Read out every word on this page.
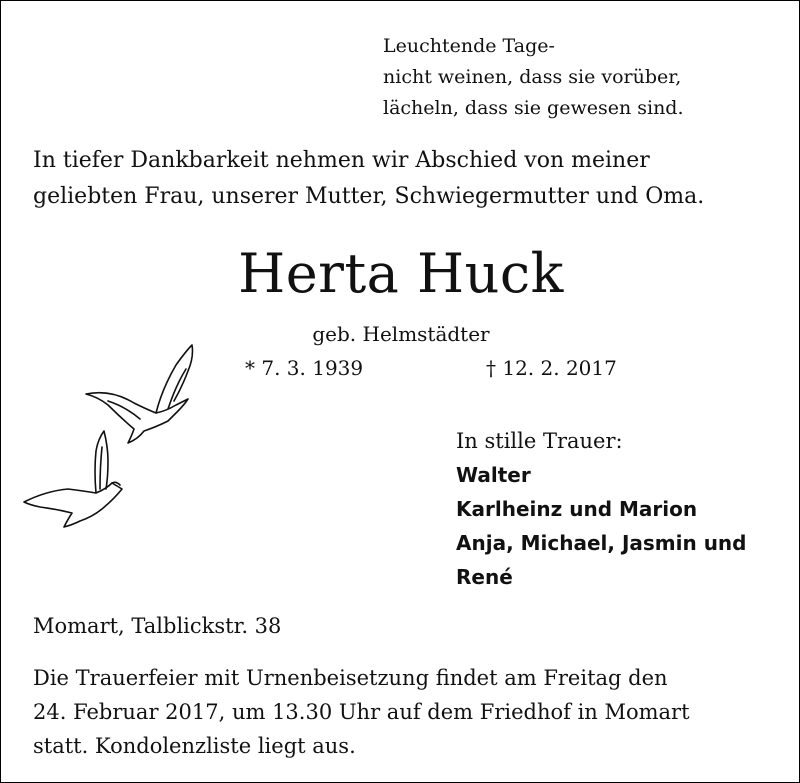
Leuchtende Tage-
nicht weinen, dass sie vorüber,
lächeln, dass sie gewesen sind.
In tiefer Dankbarkeit nehmen wir Abschied von meiner
geliebten Frau, unserer Mutter, Schwiegermutter und Oma.
Herta Huck
geb. Helmstädter
* 7. 3. 1939	† 12. 2. 2017
In stille Trauer:
Walter
Karlheinz und Marion
Anja, Michael, Jasmin und
René
Momart, Talblickstr. 38
Die Trauerfeier mit Urnenbeisetzung findet am Freitag den
24. Februar 2017, um 13.30 Uhr auf dem Friedhof in Momart
statt. Kondolenzliste liegt aus.
